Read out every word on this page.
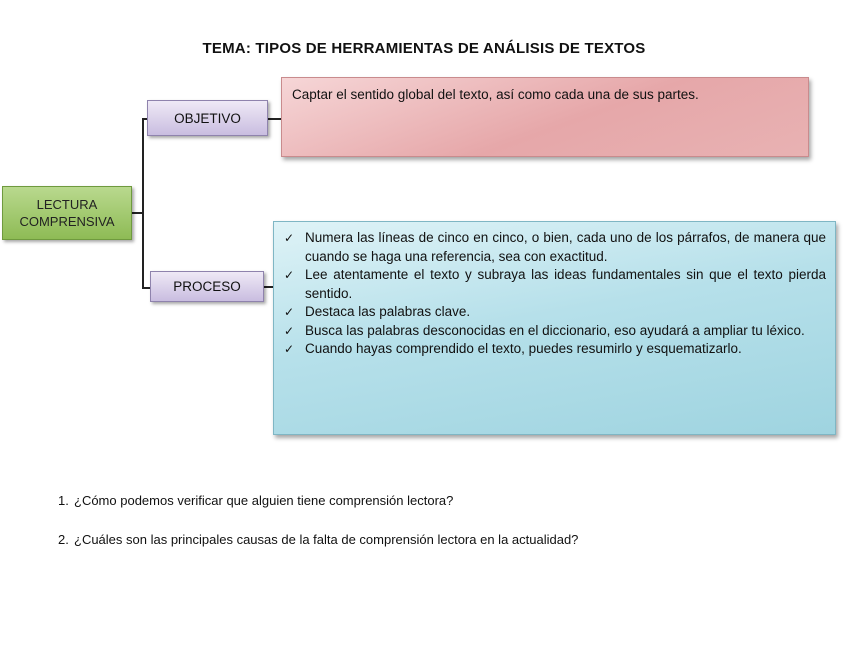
TEMA: TIPOS DE HERRAMIENTAS DE ANÁLISIS DE TEXTOS
LECTURA
COMPRENSIVA
OBJETIVO
Captar el sentido global del texto, así como cada una de sus partes.
PROCESO
✓ Numera las líneas de cinco en cinco, o bien, cada uno de los párrafos, de manera que cuando se haga una referencia, sea con exactitud.
✓ Lee atentamente el texto y subraya las ideas fundamentales sin que el texto pierda sentido.
✓ Destaca las palabras clave.
✓ Busca las palabras desconocidas en el diccionario, eso ayudará a ampliar tu léxico.
✓ Cuando hayas comprendido el texto, puedes resumirlo y esquematizarlo.
1. ¿Cómo podemos verificar que alguien tiene comprensión lectora?
2. ¿Cuáles son las principales causas de la falta de comprensión lectora en la actualidad?
